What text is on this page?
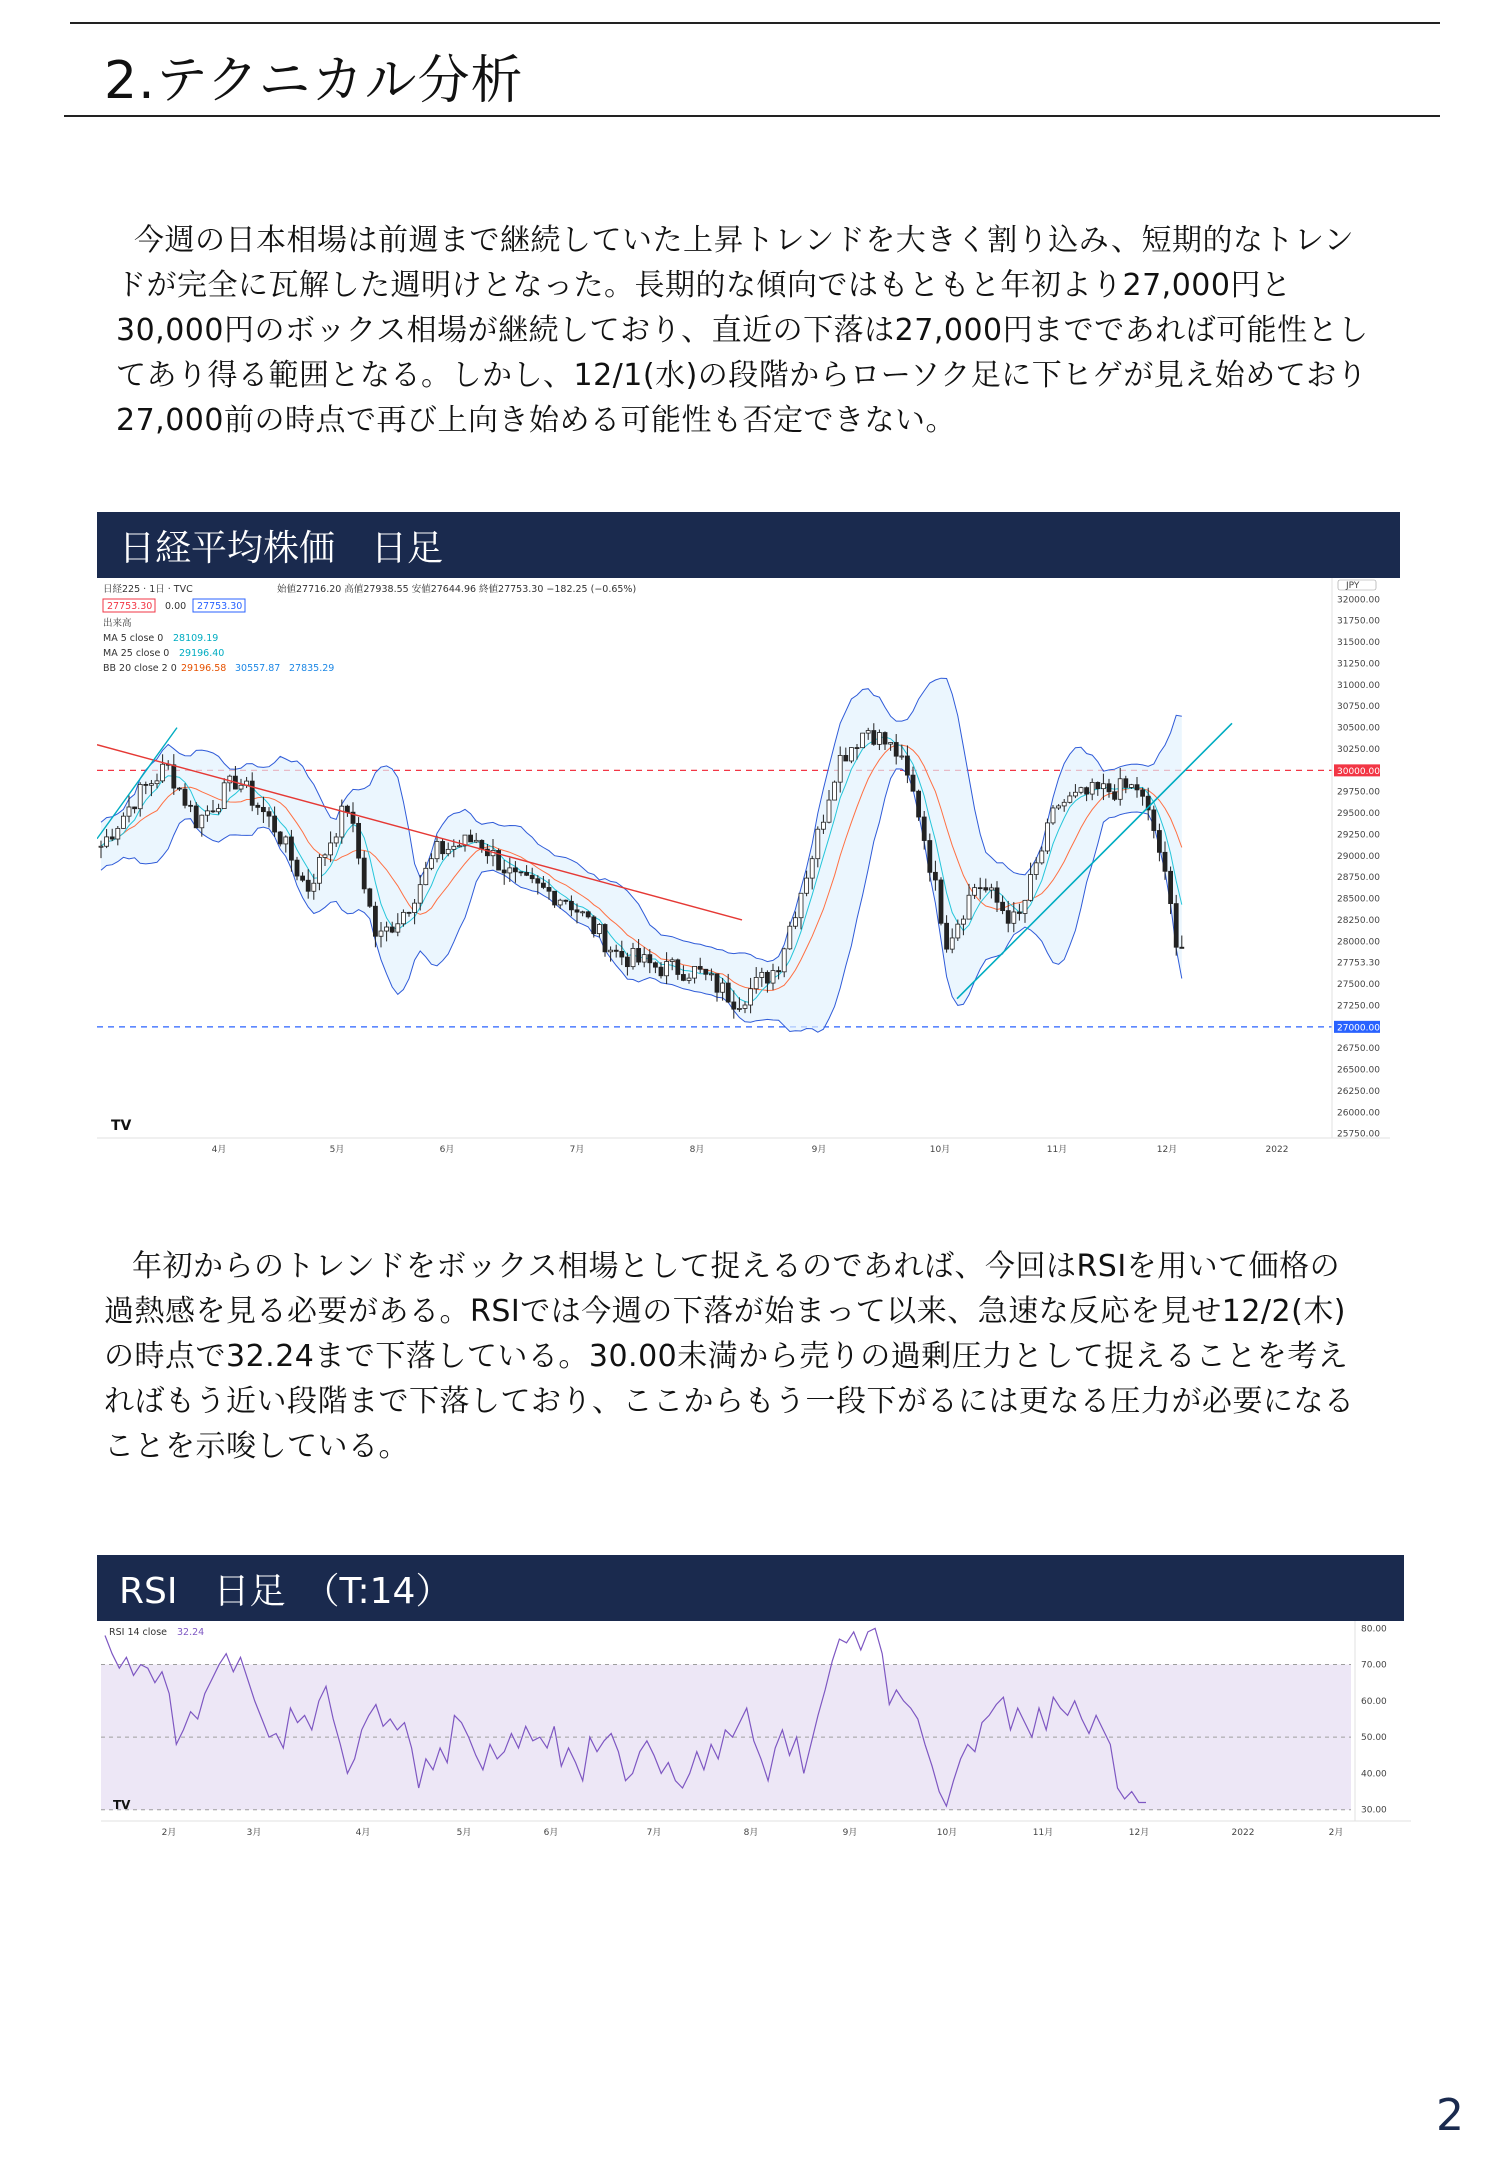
2.テクニカル分析

今週の日本相場は前週まで継続していた上昇トレンドを大きく割り込み、短期的なトレン

ドが完全に瓦解した週明けとなった。長期的な傾向ではもともと年初より27,000円と

30,000円のボックス相場が継続しており、直近の下落は27,000円までであれば可能性とし

てあり得る範囲となる。しかし、12/1(水)の段階からローソク足に下ヒゲが見え始めており

27,000前の時点で再び上向き始める可能性も否定できない。

日経平均株価　日足
日経225 · 1日 · TVC	始値27716.20 高値27938.55 安値27644.96 終値27753.30 −182.25 (−0.65%)
27753.30 0.00 27753.30
出来高
MA 5 close 0 28109.19
MA 25 close 0 29196.40
BB 20 close 2 0 29196.58 30557.87 27835.29
32000.00
31750.00
31500.00
31250.00
31000.00
30750.00
30500.00
30250.00
30000.00
29750.00
29500.00
29250.00
29000.00
28750.00
28500.00
28250.00
28000.00
27753.30
27500.00
27250.00
27000.00
26750.00
26500.00
26250.00
26000.00
25750.00
JPY
4月	5月	6月	7月	8月	9月	10月	11月	12月	2022
TV

年初からのトレンドをボックス相場として捉えるのであれば、今回はRSIを用いて価格の

過熱感を見る必要がある。RSIでは今週の下落が始まって以来、急速な反応を見せ12/2(木)

の時点で32.24まで下落している。30.00未満から売りの過剰圧力として捉えることを考え

ればもう近い段階まで下落しており、ここからもう一段下がるには更なる圧力が必要になる

ことを示唆している。

RSI　日足　（T:14）
RSI 14 close 32.24	80.00
70.00
60.00
50.00
40.00
30.00
2月	3月	4月	5月	6月	7月	8月	9月	10月	11月	12月	2022	2月
TV
2
